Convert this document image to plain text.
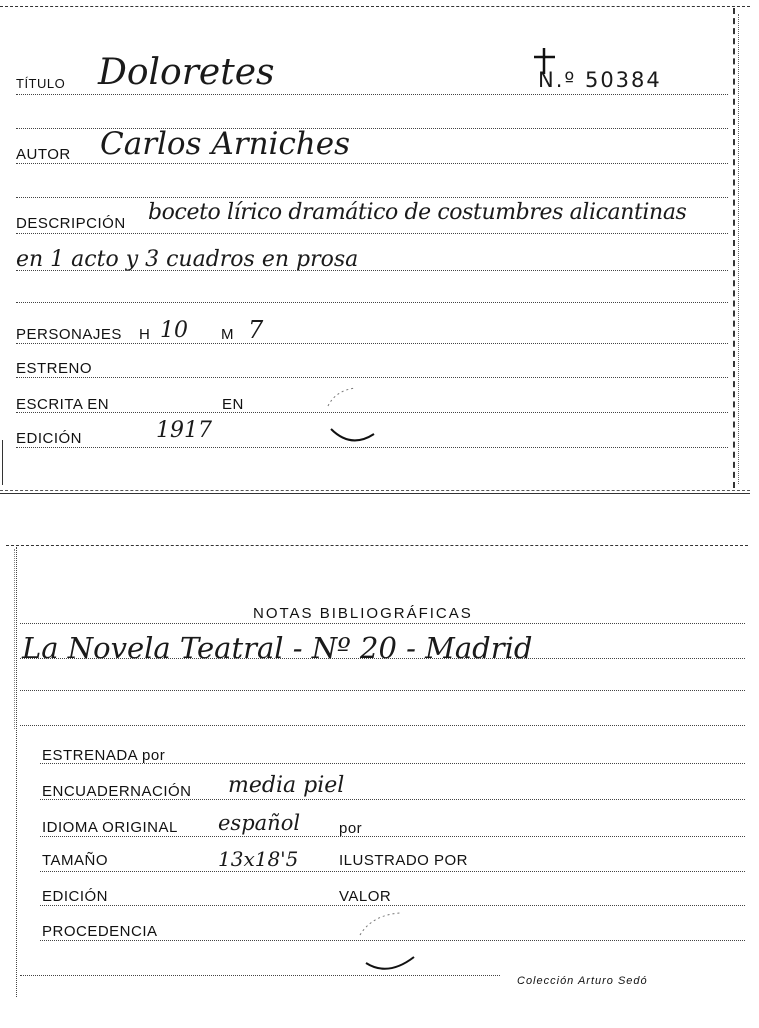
TÍTULO Doloretes	N.º 50384
AUTOR Carlos Arniches
DESCRIPCIÓN boceto lírico dramático de costumbres alicantinas
en 1 acto y 3 cuadros en prosa
PERSONAJES H 10 M 7
ESTRENO
ESCRITA EN	EN
EDICIÓN	1917
NOTAS BIBLIOGRÁFICAS
La Novela Teatral - Nº 20 - Madrid
ESTRENADA por
ENCUADERNACIÓN media piel
IDIOMA ORIGINAL español	por
TAMAÑO	13x18'5	ILUSTRADO POR
EDICIÓN	VALOR
PROCEDENCIA
Colección Arturo Sedó
